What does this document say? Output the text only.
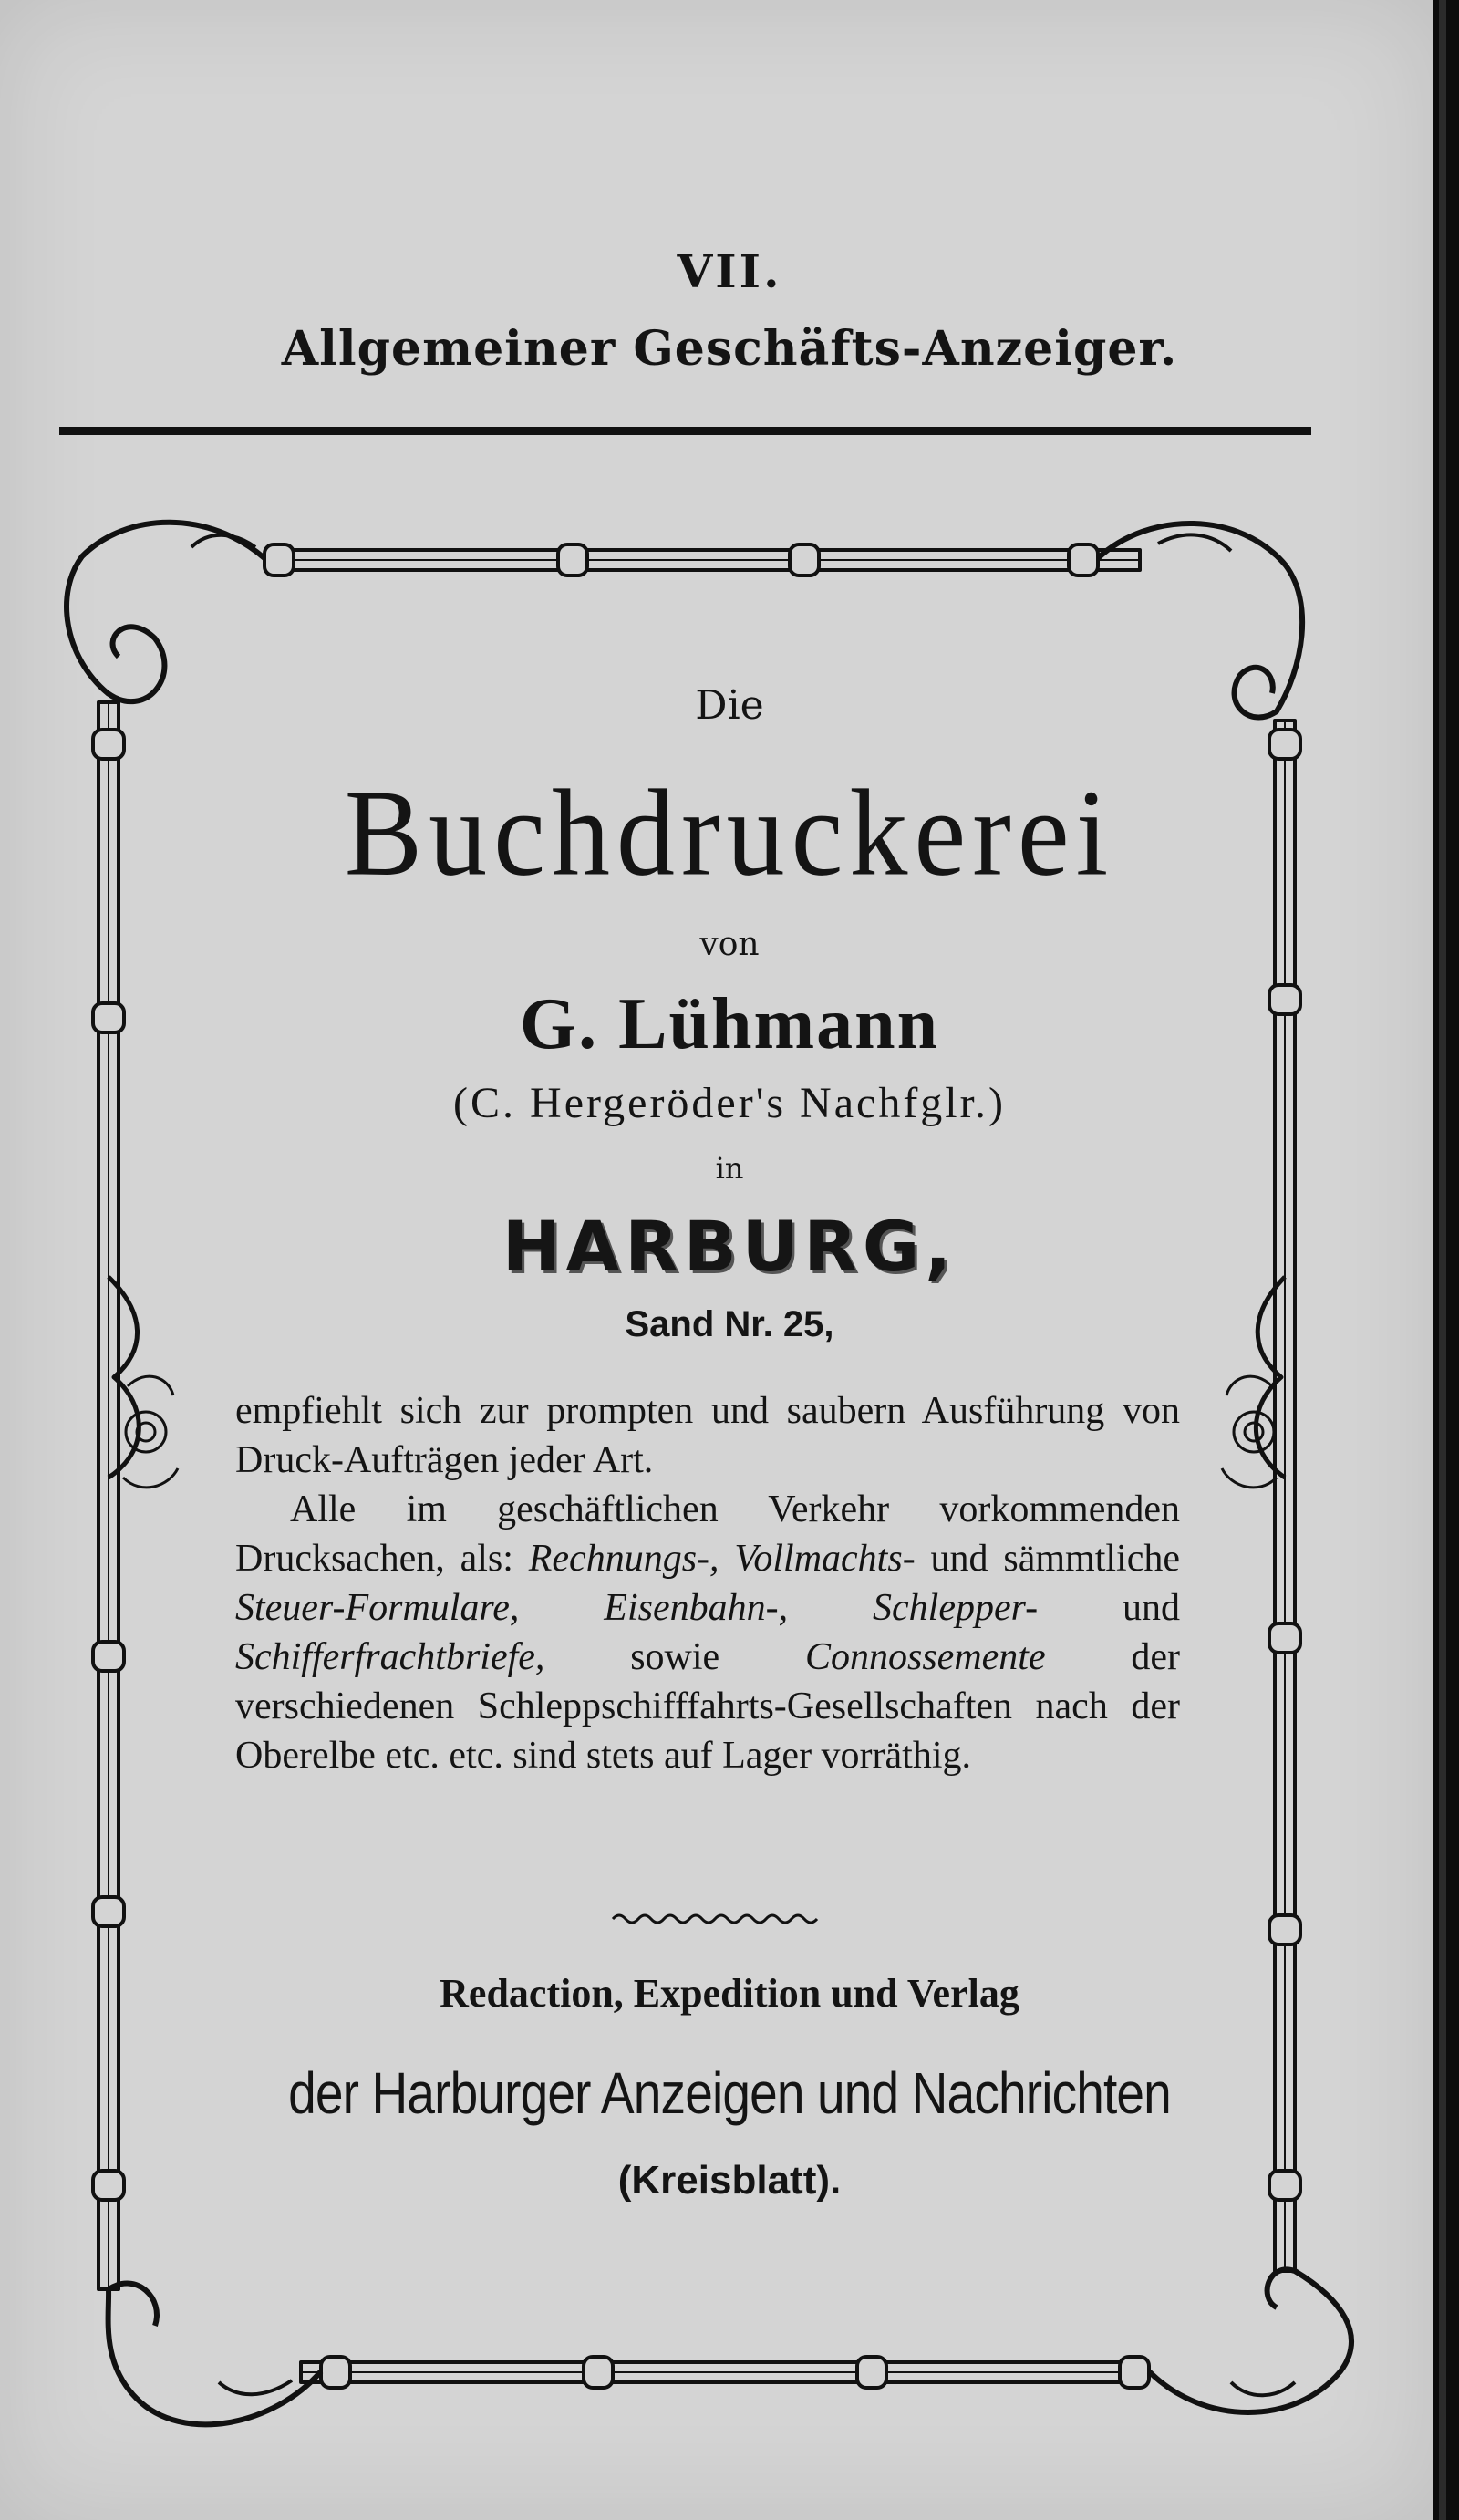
VII.
Allgemeiner Geschäfts-Anzeiger.
Die
Buchdruckerei
von
G. Lühmann
(C. Hergeröder's Nachfglr.)
in
HARBURG,
Sand Nr. 25,

empfiehlt sich zur prompten und saubern Ausführung von Druck-Aufträgen jeder Art.

Alle im geschäftlichen Verkehr vorkommenden Drucksachen, als: Rechnungs-, Vollmachts- und sämmtliche Steuer-Formulare, Eisenbahn-, Schlepper- und Schifferfrachtbriefe, sowie Connossemente der verschiedenen Schleppschifffahrts-Gesellschaften nach der Oberelbe etc. etc. sind stets auf Lager vorräthig.

Redaction, Expedition und Verlag
der Harburger Anzeigen und Nachrichten
(Kreisblatt).
